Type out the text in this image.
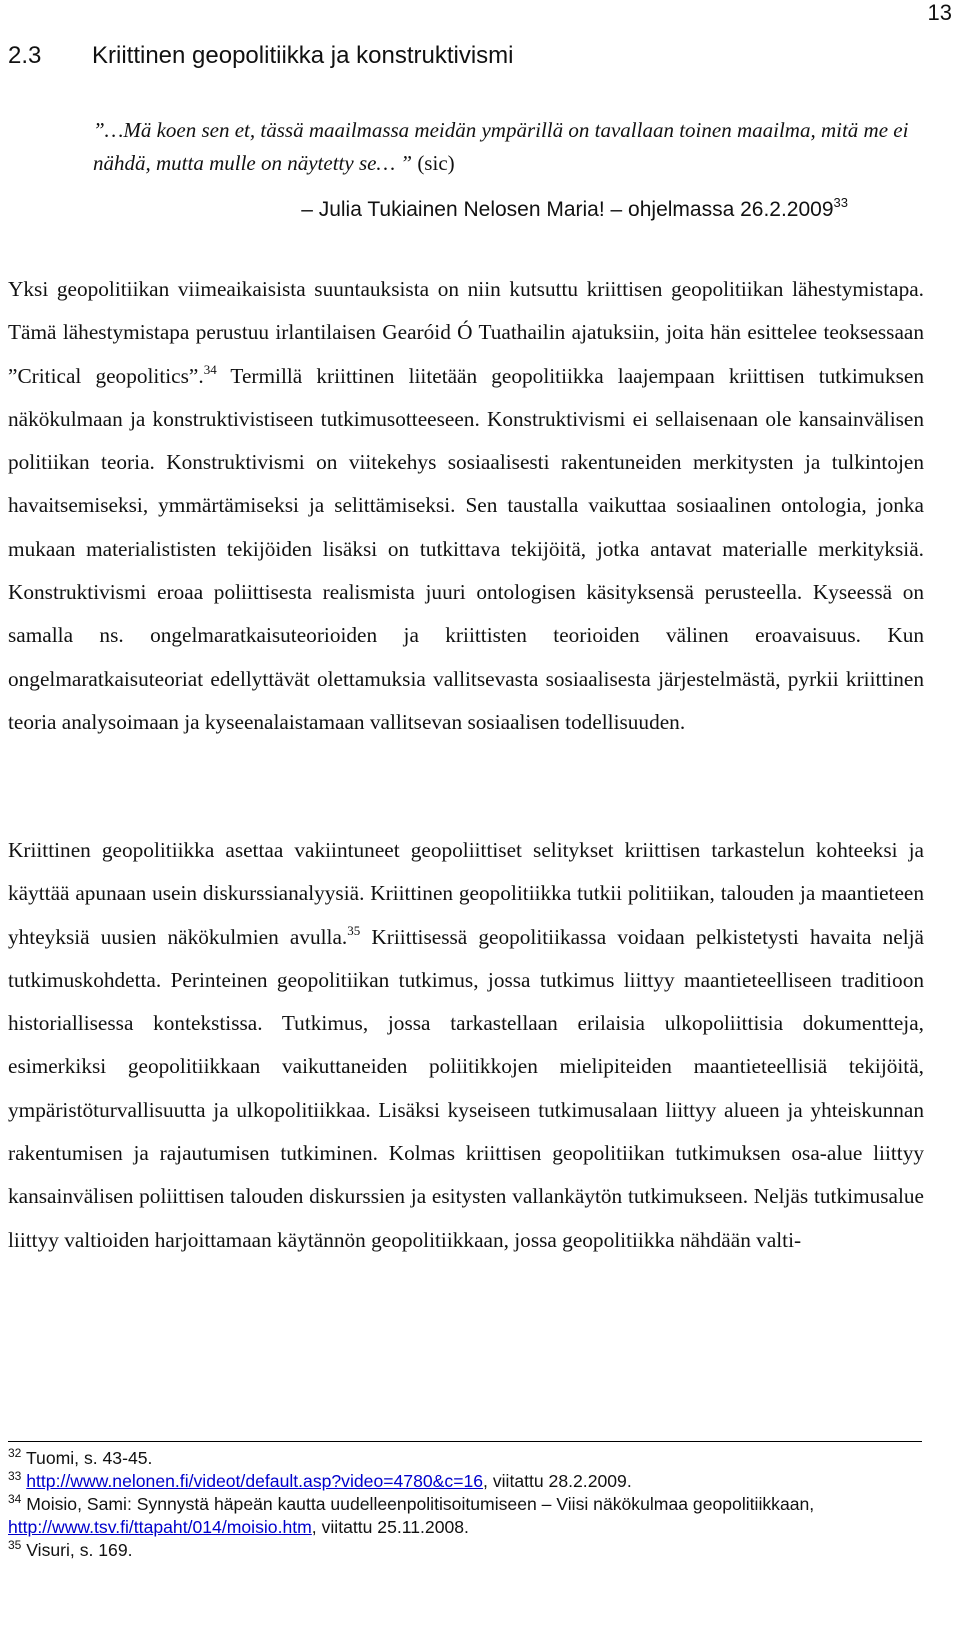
13
2.3 Kriittinen geopolitiikka ja konstruktivismi
”…Mä koen sen et, tässä maailmassa meidän ympärillä on tavallaan toinen maailma, mitä me ei nähdä, mutta mulle on näytetty se… ” (sic)
– Julia Tukiainen Nelosen Maria! – ohjelmassa 26.2.2009$^{33}$

Yksi geopolitiikan viimeaikaisista suuntauksista on niin kutsuttu kriittisen geopolitiikan lähestymistapa. Tämä lähestymistapa perustuu irlantilaisen Gearóid Ó Tuathailin ajatuksiin, joita hän esittelee teoksessaan ”Critical geopolitics”.$^{34}$ Termillä kriittinen liitetään geopolitiikka laajempaan kriittisen tutkimuksen näkökulmaan ja konstruktivistiseen tutkimusotteeseen. Konstruktivismi ei sellaisenaan ole kansainvälisen politiikan teoria. Konstruktivismi on viitekehys sosiaalisesti rakentuneiden merkitysten ja tulkintojen havaitsemiseksi, ymmärtämiseksi ja selittämiseksi. Sen taustalla vaikuttaa sosiaalinen ontologia, jonka mukaan materialististen tekijöiden lisäksi on tutkittava tekijöitä, jotka antavat materialle merkityksiä. Konstruktivismi eroaa poliittisesta realismista juuri ontologisen käsityksensä perusteella. Kyseessä on samalla ns. ongelmaratkaisuteorioiden ja kriittisten teorioiden välinen eroavaisuus. Kun ongelmaratkaisuteoriat edellyttävät olettamuksia vallitsevasta sosiaalisesta järjestelmästä, pyrkii kriittinen teoria analysoimaan ja kyseenalaistamaan vallitsevan sosiaalisen todellisuuden.

Kriittinen geopolitiikka asettaa vakiintuneet geopoliittiset selitykset kriittisen tarkastelun kohteeksi ja käyttää apunaan usein diskurssianalyysiä. Kriittinen geopolitiikka tutkii politiikan, talouden ja maantieteen yhteyksiä uusien näkökulmien avulla.$^{35}$ Kriittisessä geopolitiikassa voidaan pelkistetysti havaita neljä tutkimuskohdetta. Perinteinen geopolitiikan tutkimus, jossa tutkimus liittyy maantieteelliseen traditioon historiallisessa kontekstissa. Tutkimus, jossa tarkastellaan erilaisia ulkopoliittisia dokumentteja, esimerkiksi geopolitiikkaan vaikuttaneiden poliitikkojen mielipiteiden maantieteellisiä tekijöitä, ympäristöturvallisuutta ja ulkopolitiikkaa. Lisäksi kyseiseen tutkimusalaan liittyy alueen ja yhteiskunnan rakentumisen ja rajautumisen tutkiminen. Kolmas kriittisen geopolitiikan tutkimuksen osa-alue liittyy kansainvälisen poliittisen talouden diskurssien ja esitysten vallankäytön tutkimukseen. Neljäs tutkimusalue liittyy valtioiden harjoittamaan käytännön geopolitiikkaan, jossa geopolitiikka nähdään valti-

$^{32}$ Tuomi, s. 43-45.

$^{33}$ http://www.nelonen.fi/videot/default.asp?video=4780&c=16, viitattu 28.2.2009.

$^{34}$ Moisio, Sami: Synnystä häpeän kautta uudelleenpolitisoitumiseen – Viisi näkökulmaa geopolitiikkaan, http://www.tsv.fi/ttapaht/014/moisio.htm, viitattu 25.11.2008.

$^{35}$ Visuri, s. 169.
